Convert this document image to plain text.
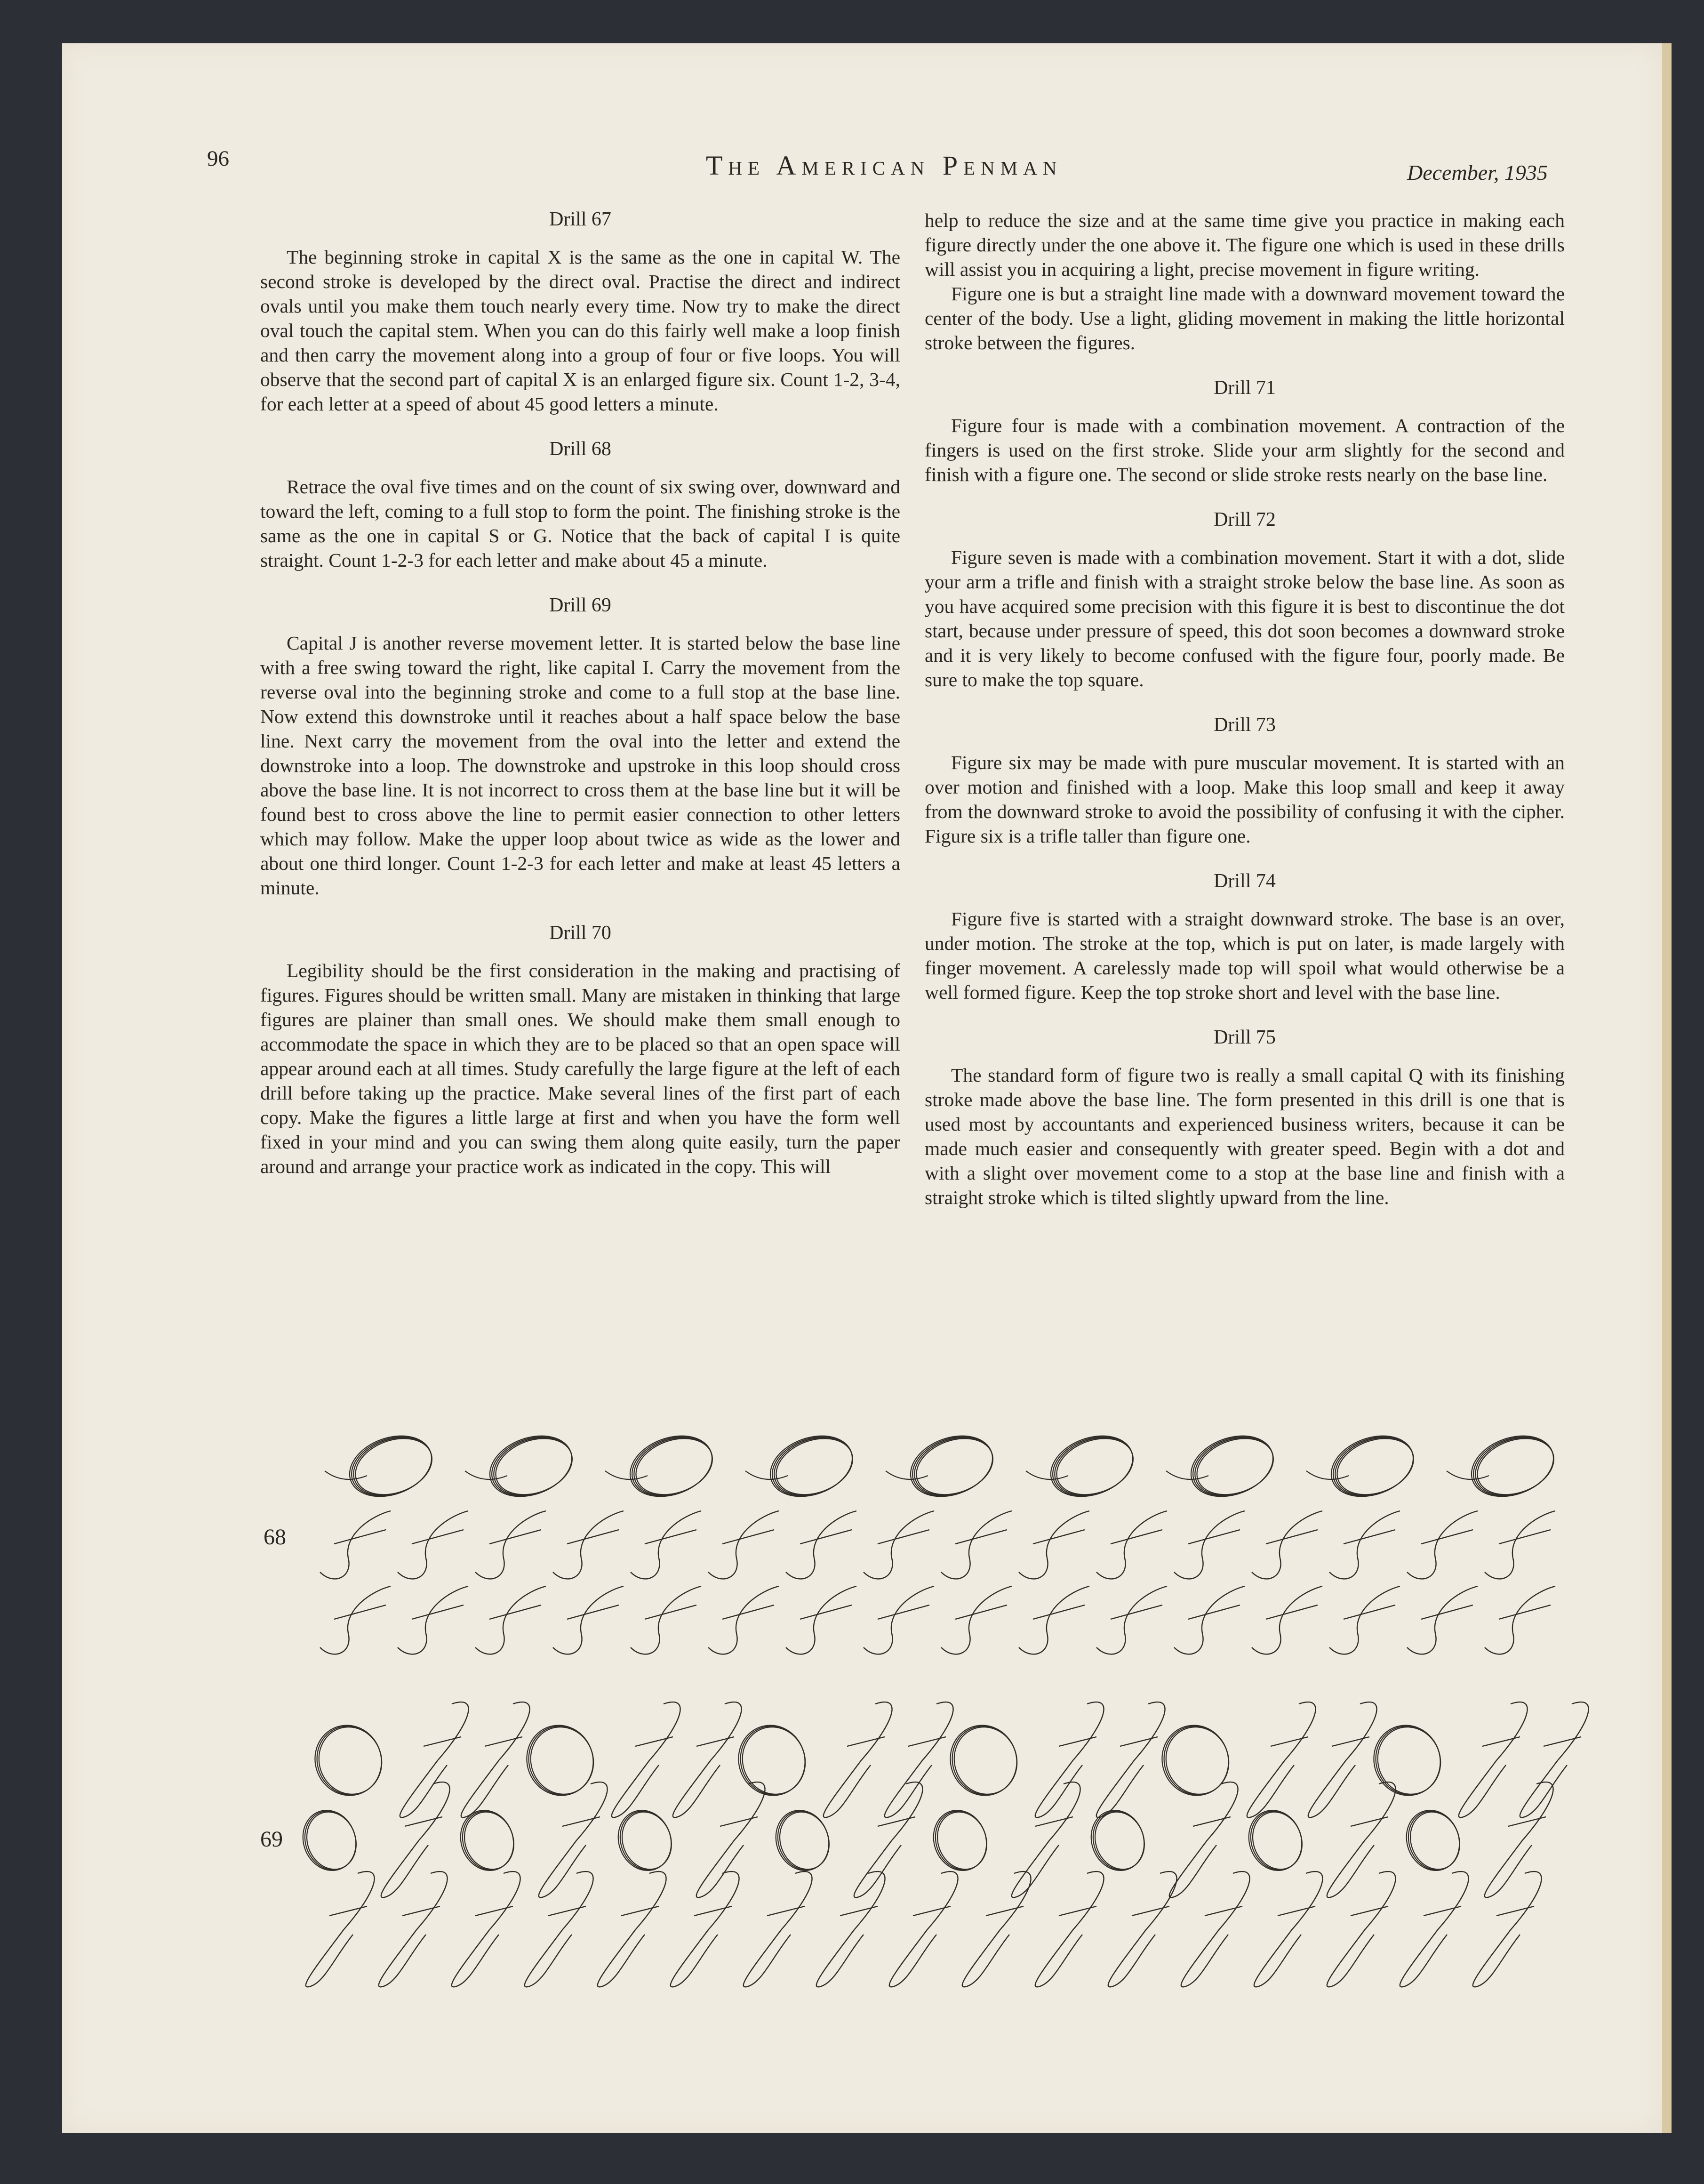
96	The American Penman	December, 1935
Drill 67

The beginning stroke in capital X is the same as the one in capital W. The second stroke is developed by the direct oval. Practise the direct and indirect ovals until you make them touch nearly every time. Now try to make the direct oval touch the capital stem. When you can do this fairly well make a loop finish and then carry the movement along into a group of four or five loops. You will observe that the second part of capital X is an enlarged figure six. Count 1-2, 3-4, for each letter at a speed of about 45 good letters a minute.

Drill 68

Retrace the oval five times and on the count of six swing over, downward and toward the left, coming to a full stop to form the point. The finishing stroke is the same as the one in capital S or G. Notice that the back of capital I is quite straight. Count 1-2-3 for each letter and make about 45 a minute.

Drill 69

Capital J is another reverse movement letter. It is started below the base line with a free swing toward the right, like capital I. Carry the movement from the reverse oval into the beginning stroke and come to a full stop at the base line. Now extend this downstroke until it reaches about a half space below the base line. Next carry the movement from the oval into the letter and extend the downstroke into a loop. The downstroke and upstroke in this loop should cross above the base line. It is not incorrect to cross them at the base line but it will be found best to cross above the line to permit easier connection to other letters which may follow. Make the upper loop about twice as wide as the lower and about one third longer. Count 1-2-3 for each letter and make at least 45 letters a minute.

Drill 70

Legibility should be the first consideration in the making and practising of figures. Figures should be written small. Many are mistaken in thinking that large figures are plainer than small ones. We should make them small enough to accommodate the space in which they are to be placed so that an open space will appear around each at all times. Study carefully the large figure at the left of each drill before taking up the practice. Make several lines of the first part of each copy. Make the figures a little large at first and when you have the form well fixed in your mind and you can swing them along quite easily, turn the paper around and arrange your practice work as indicated in the copy. This will

help to reduce the size and at the same time give you practice in making each figure directly under the one above it. The figure one which is used in these drills will assist you in acquiring a light, precise movement in figure writing.

Figure one is but a straight line made with a downward movement toward the center of the body. Use a light, gliding movement in making the little horizontal stroke between the figures.

Drill 71

Figure four is made with a combination movement. A contraction of the fingers is used on the first stroke. Slide your arm slightly for the second and finish with a figure one. The second or slide stroke rests nearly on the base line.

Drill 72

Figure seven is made with a combination movement. Start it with a dot, slide your arm a trifle and finish with a straight stroke below the base line. As soon as you have acquired some precision with this figure it is best to discontinue the dot start, because under pressure of speed, this dot soon becomes a downward stroke and it is very likely to become confused with the figure four, poorly made. Be sure to make the top square.

Drill 73

Figure six may be made with pure muscular movement. It is started with an over motion and finished with a loop. Make this loop small and keep it away from the downward stroke to avoid the possibility of confusing it with the cipher. Figure six is a trifle taller than figure one.

Drill 74

Figure five is started with a straight downward stroke. The base is an over, under motion. The stroke at the top, which is put on later, is made largely with finger movement. A carelessly made top will spoil what would otherwise be a well formed figure. Keep the top stroke short and level with the base line.

Drill 75

The standard form of figure two is really a small capital Q with its finishing stroke made above the base line. The form presented in this drill is one that is used most by accountants and experienced business writers, because it can be made much easier and consequently with greater speed. Begin with a dot and with a slight over movement come to a stop at the base line and finish with a straight stroke which is tilted slightly upward from the line.

68
69
